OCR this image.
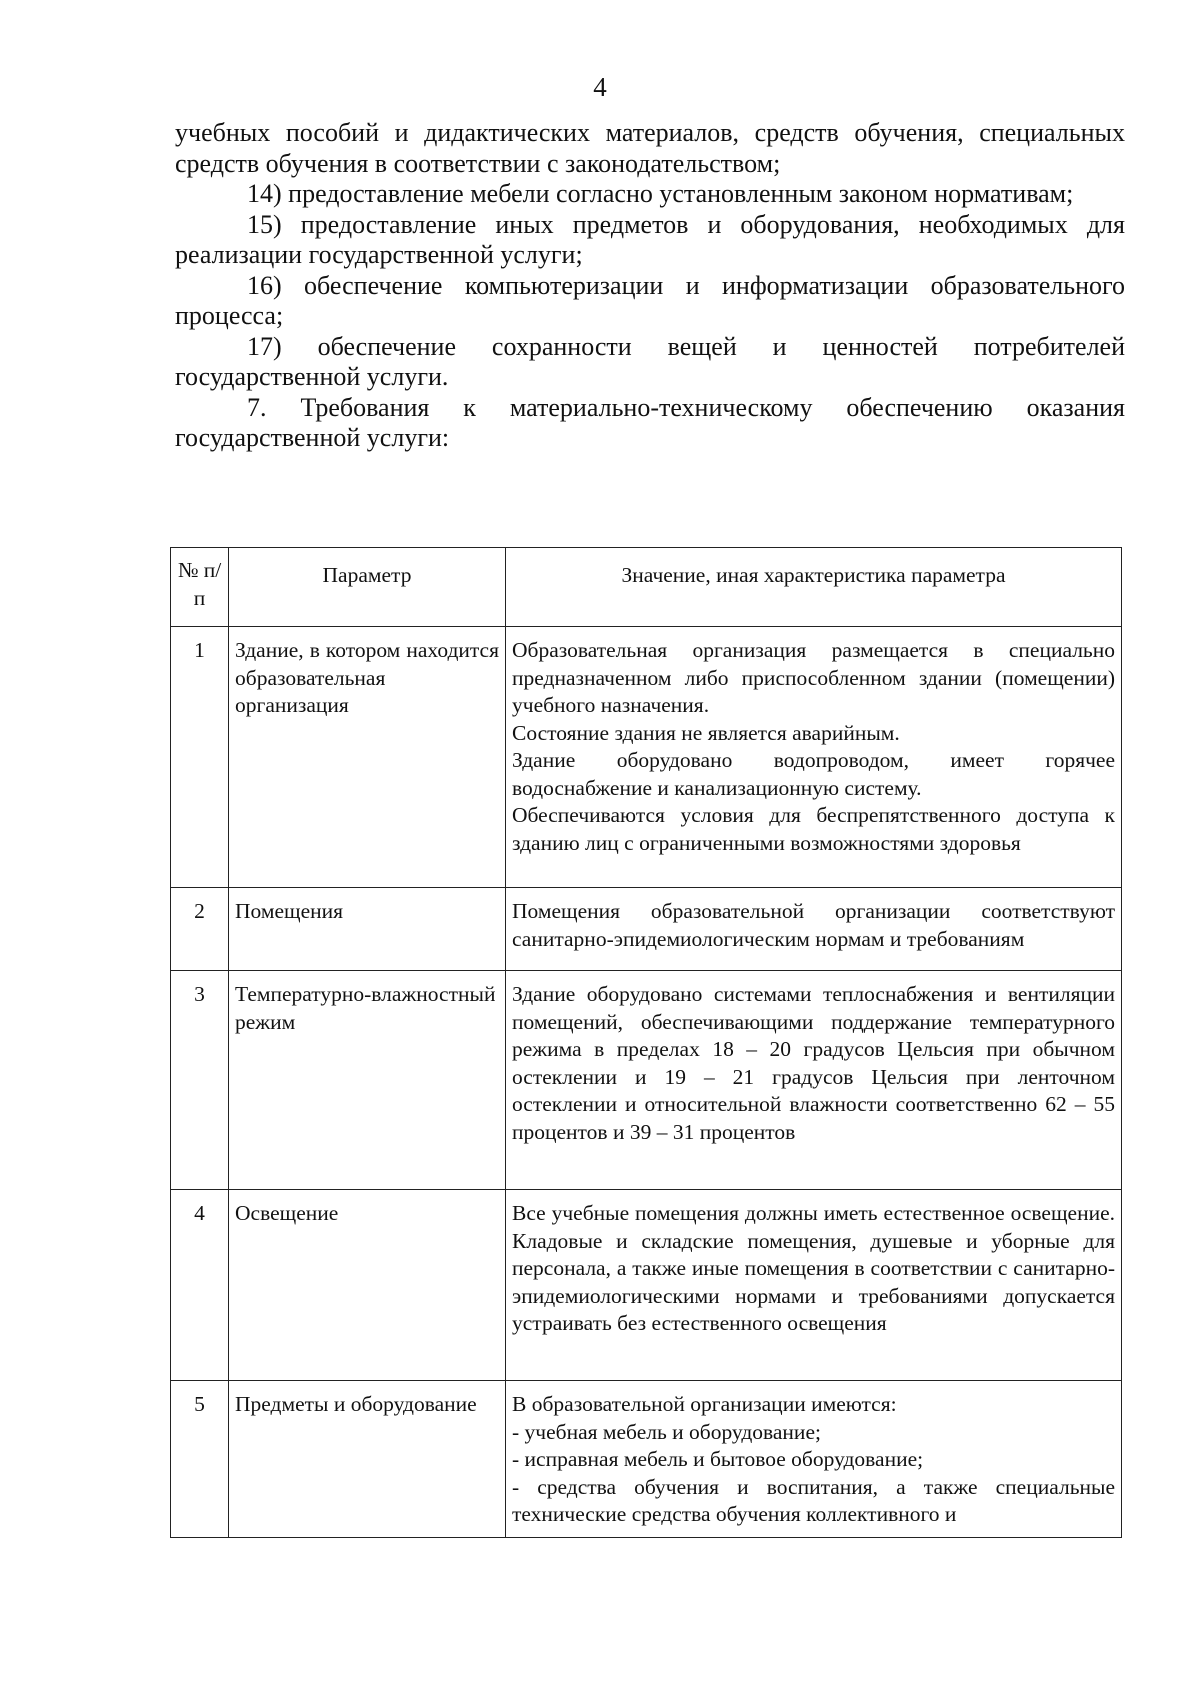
4

учебных пособий и дидактических материалов, средств обучения, специальных средств обучения в соответствии с законодательством;

14) предоставление мебели согласно установленным законом нормативам;

15) предоставление иных предметов и оборудования, необходимых для реализации государственной услуги;

16) обеспечение компьютеризации и информатизации образовательного процесса;

17) обеспечение сохранности вещей и ценностей потребителей государственной услуги.

7. Требования к материально-техническому обеспечению оказания государственной услуги:

№ п/п	Параметр	Значение, иная характеристика параметра
1	Здание, в котором находится образовательная организация	Образовательная организация размещается в специально предназначенном либо приспособленном здании (помещении) учебного назначения.

Состояние здания не является аварийным.

Здание оборудовано водопроводом, имеет горячее водоснабжение и канализационную систему.

Обеспечиваются условия для беспрепятственного доступа к зданию лиц с ограниченными возможностями здоровья

2	Помещения	Помещения образовательной организации соответствуют санитарно-эпидемиологическим нормам и требованиям

3	Температурно-влажностный режим	Здание оборудовано системами теплоснабжения и вентиляции помещений, обеспечивающими поддержание температурного режима в пределах 18 – 20 градусов Цельсия при обычном остеклении и 19 – 21 градусов Цельсия при ленточном остеклении и относительной влажности соответственно 62 – 55 процентов и 39 – 31 процентов

4	Освещение	Все учебные помещения должны иметь естественное освещение. Кладовые и складские помещения, душевые и уборные для персонала, а также иные помещения в соответствии с санитарно-эпидемиологическими нормами и требованиями допускается устраивать без естественного освещения

5	Предметы и оборудование	В образовательной организации имеются:

- учебная мебель и оборудование;

- исправная мебель и бытовое оборудование;

- средства обучения и воспитания, а также специальные технические средства обучения коллективного и
